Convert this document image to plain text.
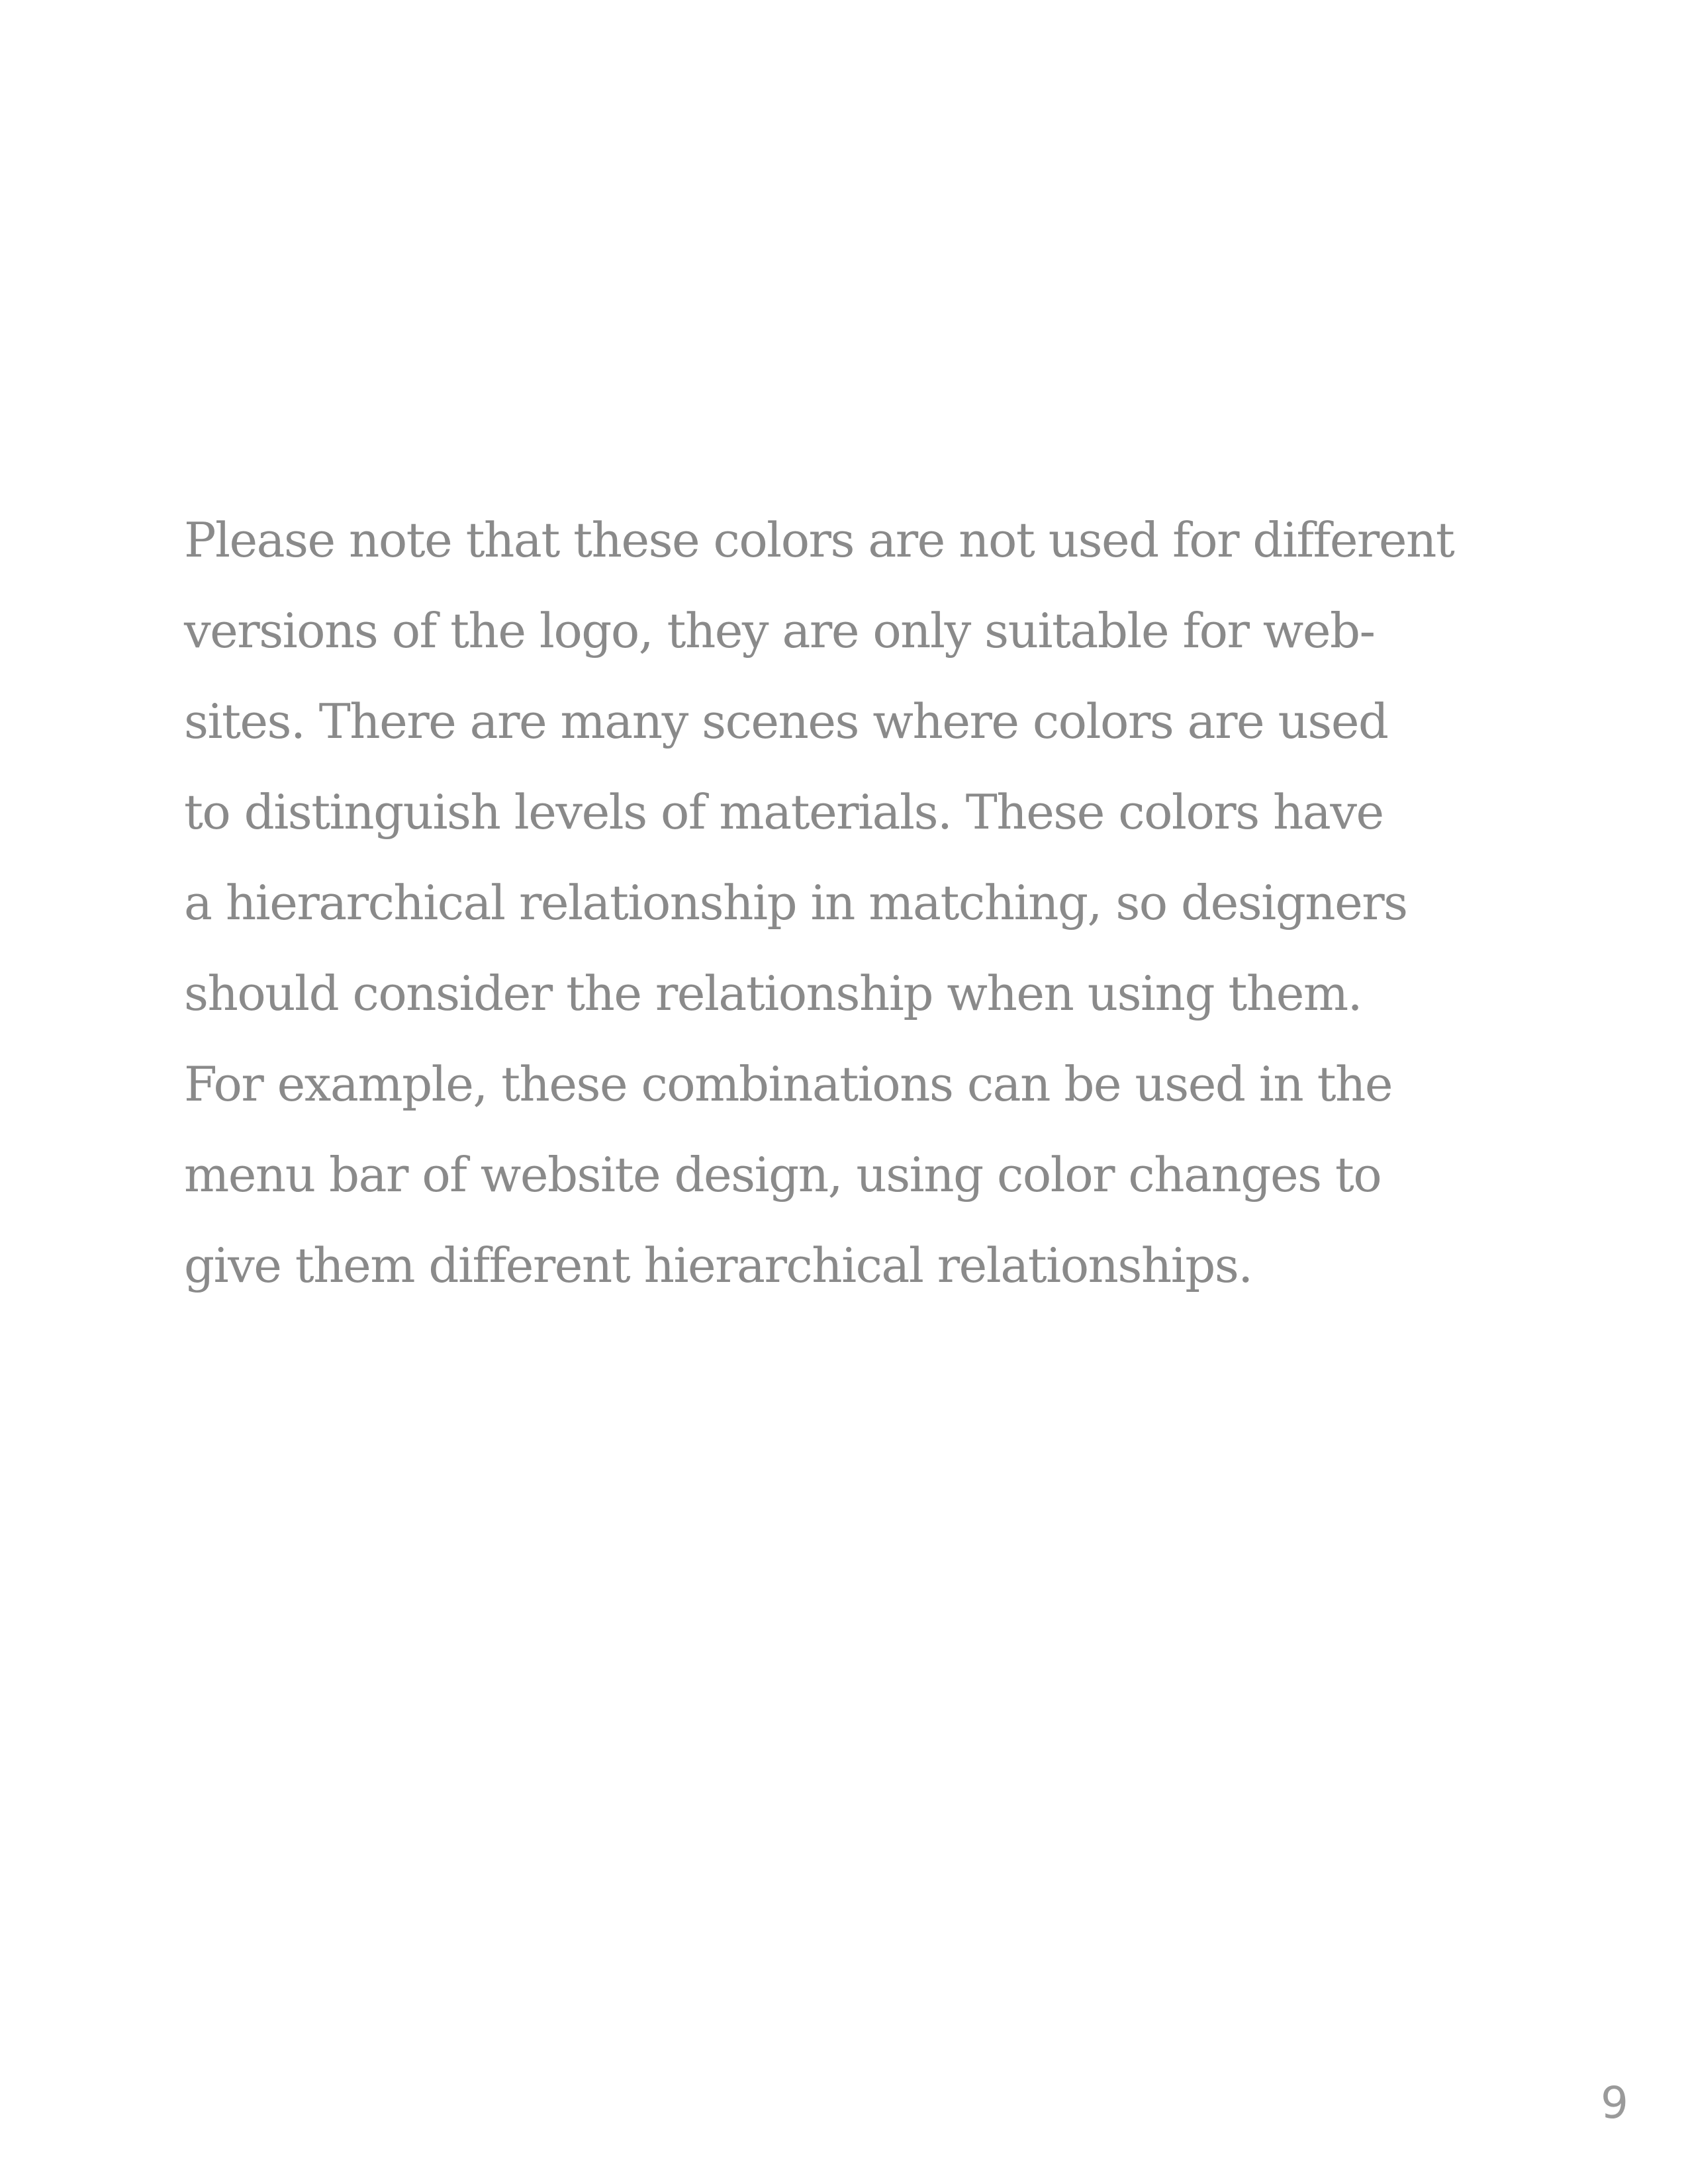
Please note that these colors are not used for different
versions of the logo, they are only suitable for web-
sites. There are many scenes where colors are used
to distinguish levels of materials. These colors have
a hierarchical relationship in matching, so designers
should consider the relationship when using them.
For example, these combinations can be used in the
menu bar of website design, using color changes to
give them different hierarchical relationships.
9
